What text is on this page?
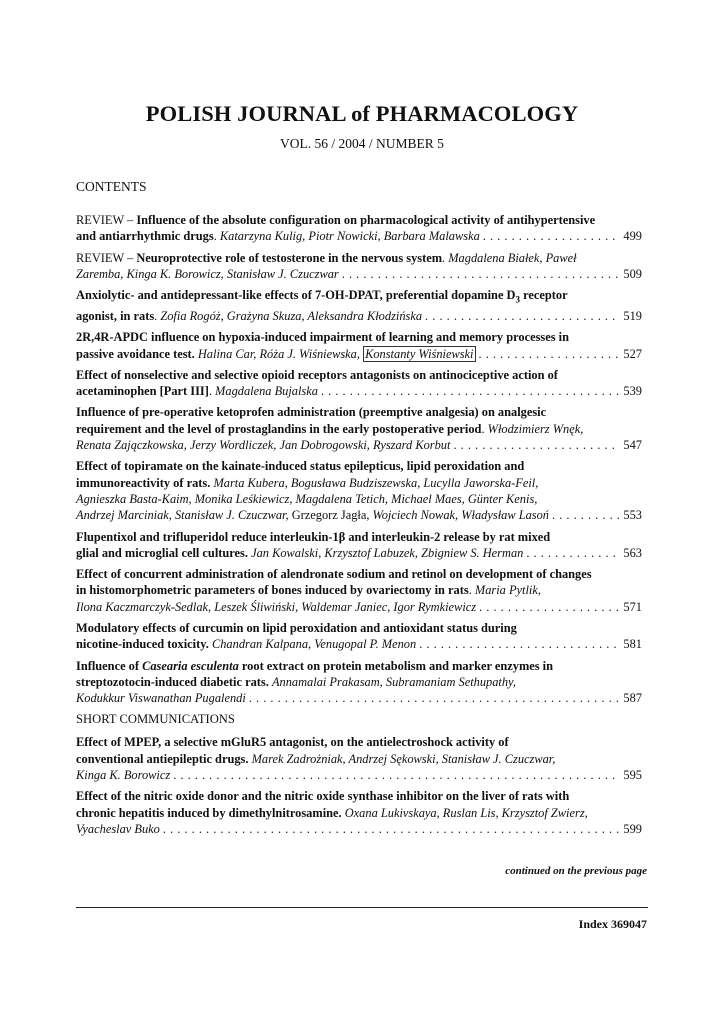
POLISH JOURNAL of PHARMACOLOGY
VOL. 56 / 2004 / NUMBER 5
CONTENTS
REVIEW – Influence of the absolute configuration on pharmacological activity of antihypertensive
and antiarrhythmic drugs. Katarzyna Kulig, Piotr Nowicki, Barbara Malawska . . .	499
REVIEW – Neuroprotective role of testosterone in the nervous system. Magdalena Białek, Paweł
Zaremba, Kinga K. Borowicz, Stanisław J. Czuczwar . . .	509
Anxiolytic- and antidepressant-like effects of 7-OH-DPAT, preferential dopamine $D_3$ receptor
agonist, in rats. Zofia Rogóż, Grażyna Skuza, Aleksandra Kłodzińska . . .	519
2R,4R-APDC influence on hypoxia-induced impairment of learning and memory processes in
passive avoidance test. Halina Car, Róża J. Wiśniewska, Konstanty Wiśniewski . . .	527
Effect of nonselective and selective opioid receptors antagonists on antinociceptive action of
acetaminophen [Part III]. Magdalena Bujalska . . .	539
Influence of pre-operative ketoprofen administration (preemptive analgesia) on analgesic
requirement and the level of prostaglandins in the early postoperative period. Włodzimierz Wnęk,
Renata Zajączkowska, Jerzy Wordliczek, Jan Dobrogowski, Ryszard Korbut . . .	547
Effect of topiramate on the kainate-induced status epilepticus, lipid peroxidation and
immunoreactivity of rats. Marta Kubera, Bogusława Budziszewska, Lucylla Jaworska-Feil,
Agnieszka Basta-Kaim, Monika Leśkiewicz, Magdalena Tetich, Michael Maes, Günter Kenis,
Andrzej Marciniak, Stanisław J. Czuczwar, Grzegorz Jagła, Wojciech Nowak, Władysław Lasoń . . .	553
Flupentixol and trifluperidol reduce interleukin-1β and interleukin-2 release by rat mixed
glial and microglial cell cultures. Jan Kowalski, Krzysztof Labuzek, Zbigniew S. Herman . . .	563
Effect of concurrent administration of alendronate sodium and retinol on development of changes
in histomorphometric parameters of bones induced by ovariectomy in rats. Maria Pytlik,
Ilona Kaczmarczyk-Sedlak, Leszek Śliwiński, Waldemar Janiec, Igor Rymkiewicz . . .	571
Modulatory effects of curcumin on lipid peroxidation and antioxidant status during
nicotine-induced toxicity. Chandran Kalpana, Venugopal P. Menon . . .	581
Influence of Casearia esculenta root extract on protein metabolism and marker enzymes in
streptozotocin-induced diabetic rats. Annamalai Prakasam, Subramaniam Sethupathy,
Kodukkur Viswanathan Pugalendi . . .	587
SHORT COMMUNICATIONS
Effect of MPEP, a selective mGluR5 antagonist, on the antielectroshock activity of
conventional antiepileptic drugs. Marek Zadrożniak, Andrzej Sękowski, Stanisław J. Czuczwar,
Kinga K. Borowicz . . .	595
Effect of the nitric oxide donor and the nitric oxide synthase inhibitor on the liver of rats with
chronic hepatitis induced by dimethylnitrosamine. Oxana Lukivskaya, Ruslan Lis, Krzysztof Zwierz,
Vyacheslav Buko . . .	599
continued on the previous page
Index 369047
